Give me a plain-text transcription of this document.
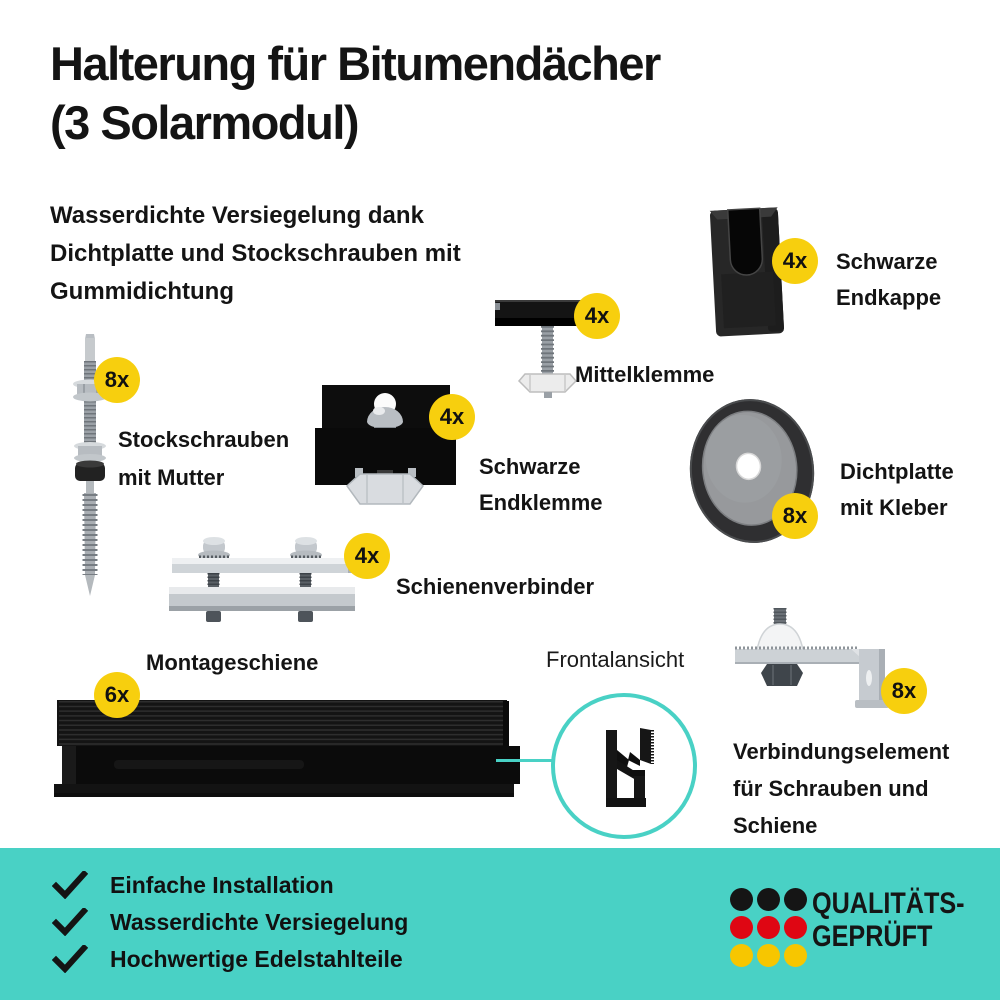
Halterung für Bitumendächer
(3 Solarmodul)
Wasserdichte Versiegelung dank
Dichtplatte und Stockschrauben mit
Gummidichtung
8x
Stockschrauben mit Mutter
4x
Mittelklemme
4x	Schwarze Endkappe
4x
Schwarze Endklemme
8x
Dichtplatte mit Kleber
4x
Schienenverbinder
Montageschiene
6x
Frontalansicht
8x
Verbindungselement für Schrauben und Schiene
Einfache Installation
Wasserdichte Versiegelung
Hochwertige Edelstahlteile
QUALITÄTS-
GEPRÜFT
